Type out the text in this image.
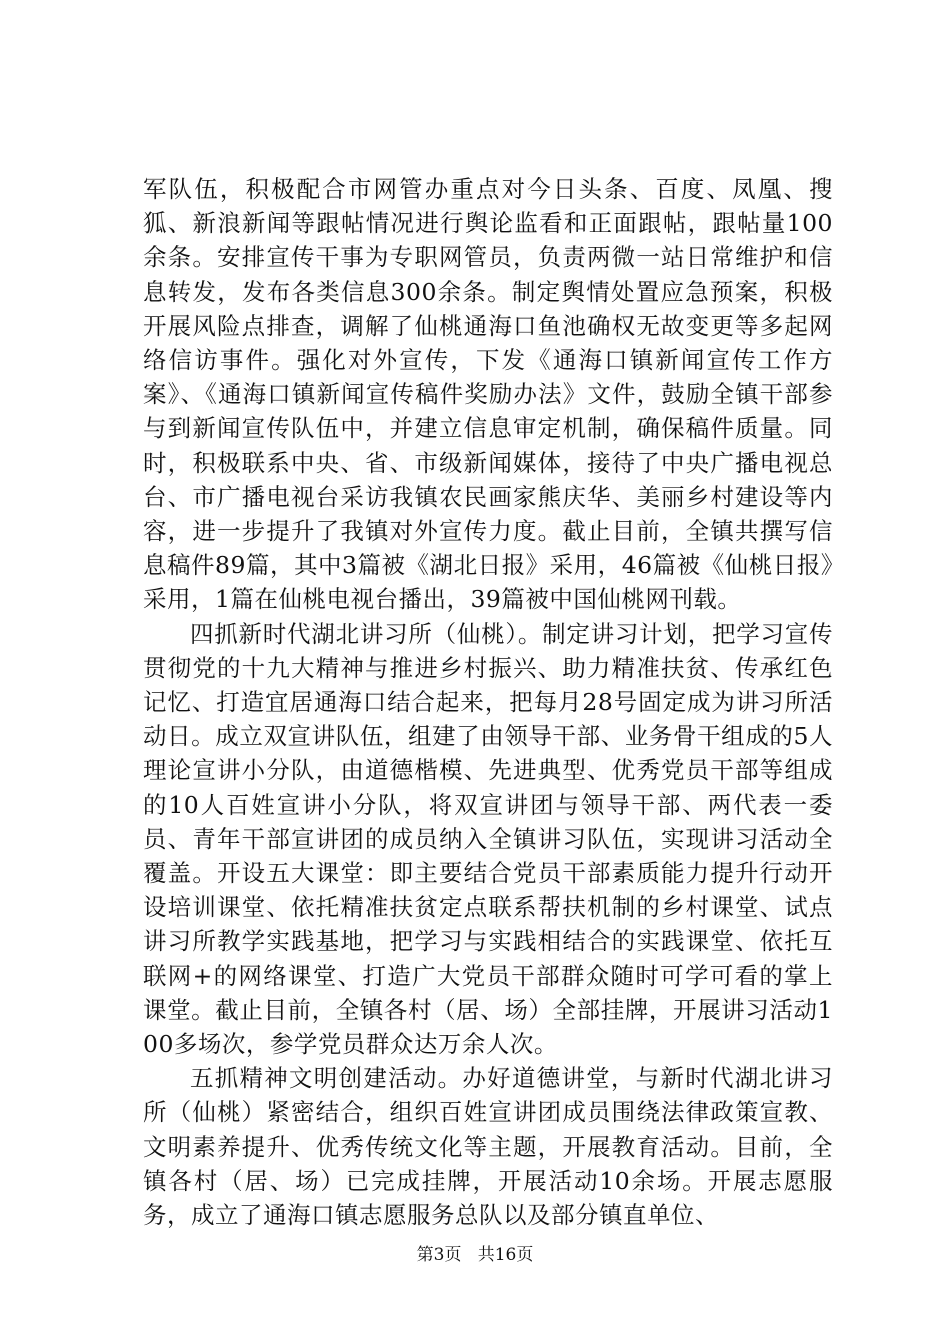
军队伍，积极配合市网管办重点对今日头条、百度、凤凰、搜狐、新浪新闻等跟帖情况进行舆论监看和正面跟帖，跟帖量100余条。安排宣传干事为专职网管员，负责两微一站日常维护和信息转发，发布各类信息300余条。制定舆情处置应急预案，积极开展风险点排查，调解了仙桃通海口鱼池确权无故变更等多起网络信访事件。强化对外宣传，下发《通海口镇新闻宣传工作方案》、《通海口镇新闻宣传稿件奖励办法》文件，鼓励全镇干部参与到新闻宣传队伍中，并建立信息审定机制，确保稿件质量。同时，积极联系中央、省、市级新闻媒体，接待了中央广播电视总台、市广播电视台采访我镇农民画家熊庆华、美丽乡村建设等内容，进一步提升了我镇对外宣传力度。截止目前，全镇共撰写信息稿件89篇，其中3篇被《湖北日报》采用，46篇被《仙桃日报》采用，1篇在仙桃电视台播出，39篇被中国仙桃网刊载。

四抓新时代湖北讲习所（仙桃）。制定讲习计划，把学习宣传贯彻党的十九大精神与推进乡村振兴、助力精准扶贫、传承红色记忆、打造宜居通海口结合起来，把每月28号固定成为讲习所活动日。成立双宣讲队伍，组建了由领导干部、业务骨干组成的5人理论宣讲小分队，由道德楷模、先进典型、优秀党员干部等组成的10人百姓宣讲小分队，将双宣讲团与领导干部、两代表一委员、青年干部宣讲团的成员纳入全镇讲习队伍，实现讲习活动全覆盖。开设五大课堂：即主要结合党员干部素质能力提升行动开设培训课堂、依托精准扶贫定点联系帮扶机制的乡村课堂、试点讲习所教学实践基地，把学习与实践相结合的实践课堂、依托互联网+的网络课堂、打造广大党员干部群众随时可学可看的掌上课堂。截止目前，全镇各村（居、场）全部挂牌，开展讲习活动100多场次，参学党员群众达万余人次。

五抓精神文明创建活动。办好道德讲堂，与新时代湖北讲习所（仙桃）紧密结合，组织百姓宣讲团成员围绕法律政策宣教、文明素养提升、优秀传统文化等主题，开展教育活动。目前，全镇各村（居、场）已完成挂牌，开展活动10余场。开展志愿服务，成立了通海口镇志愿服务总队以及部分镇直单位、

第3页 共16页
